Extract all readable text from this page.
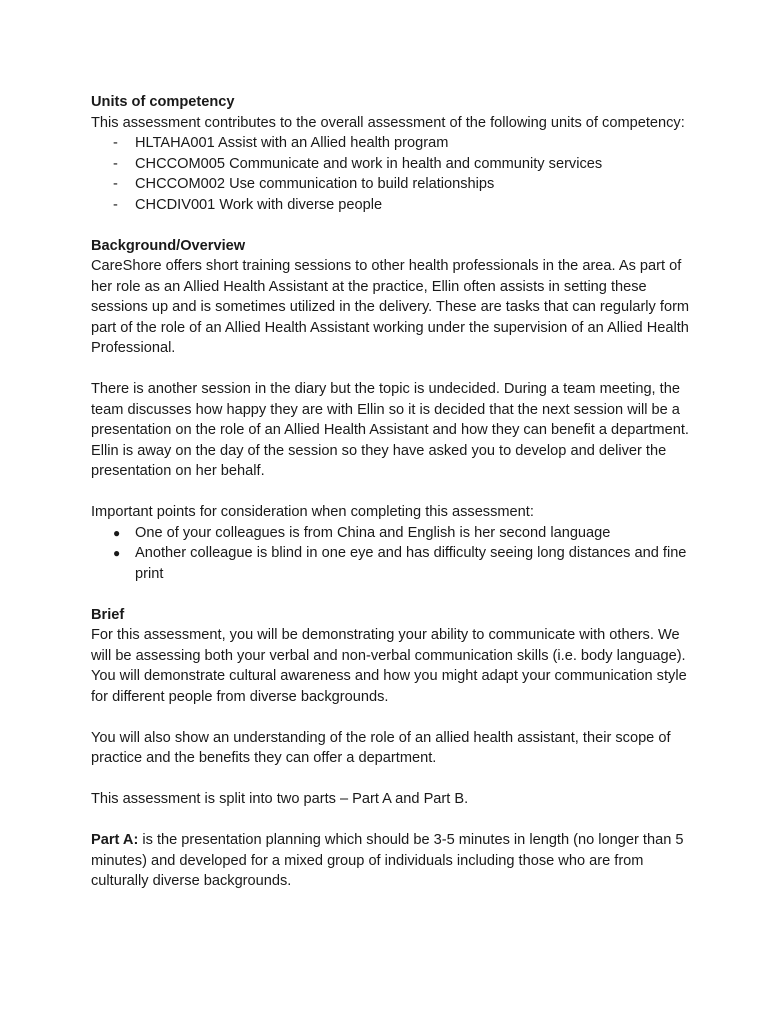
Units of competency

This assessment contributes to the overall assessment of the following units of competency:

- HLTAHA001 Assist with an Allied health program
- CHCCOM005 Communicate and work in health and community services
- CHCCOM002 Use communication to build relationships
- CHCDIV001 Work with diverse people
Background/Overview

CareShore offers short training sessions to other health professionals in the area. As part of her role as an Allied Health Assistant at the practice, Ellin often assists in setting these sessions up and is sometimes utilized in the delivery. These are tasks that can regularly form part of the role of an Allied Health Assistant working under the supervision of an Allied Health Professional.

There is another session in the diary but the topic is undecided. During a team meeting, the team discusses how happy they are with Ellin so it is decided that the next session will be a presentation on the role of an Allied Health Assistant and how they can benefit a department. Ellin is away on the day of the session so they have asked you to develop and deliver the presentation on her behalf.

Important points for consideration when completing this assessment:

● One of your colleagues is from China and English is her second language
● Another colleague is blind in one eye and has difficulty seeing long distances and fine print
Brief

For this assessment, you will be demonstrating your ability to communicate with others. We will be assessing both your verbal and non-verbal communication skills (i.e. body language). You will demonstrate cultural awareness and how you might adapt your communication style for different people from diverse backgrounds.

You will also show an understanding of the role of an allied health assistant, their scope of practice and the benefits they can offer a department.

This assessment is split into two parts – Part A and Part B.

Part A: is the presentation planning which should be 3-5 minutes in length (no longer than 5 minutes) and developed for a mixed group of individuals including those who are from culturally diverse backgrounds.
